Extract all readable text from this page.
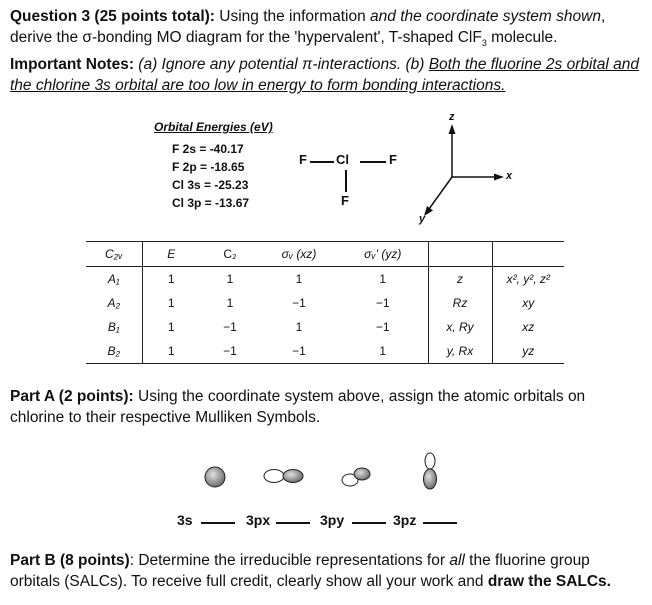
Question 3 (25 points total): Using the information and the coordinate system shown, derive the σ-bonding MO diagram for the 'hypervalent', T-shaped ClF$_3$ molecule.
Important Notes: (a) Ignore any potential π-interactions. (b) Both the fluorine 2s orbital and the chlorine 3s orbital are too low in energy to form bonding interactions.
Orbital Energies (eV)
F 2s = -40.17
F 2p = -18.65
Cl 3s = -25.23
Cl 3p = -13.67
F Cl	F
F
z
x
y
C₂ᵥ	E	C₂	σᵥ (xz)	σᵥ' (yz)		
A₁	1	1	1	1	z	x², y², z²
A₂	1	1	−1	−1	Rz	xy
B₁	1	−1	1	−1	x, Ry	xz
B₂	1	−1	−1	1	y, Rx	yz
Part A (2 points): Using the coordinate system above, assign the atomic orbitals on chlorine to their respective Mulliken Symbols.
3s	3px	3py	3pz
Part B (8 points): Determine the irreducible representations for all the fluorine group orbitals (SALCs). To receive full credit, clearly show all your work and draw the SALCs.
